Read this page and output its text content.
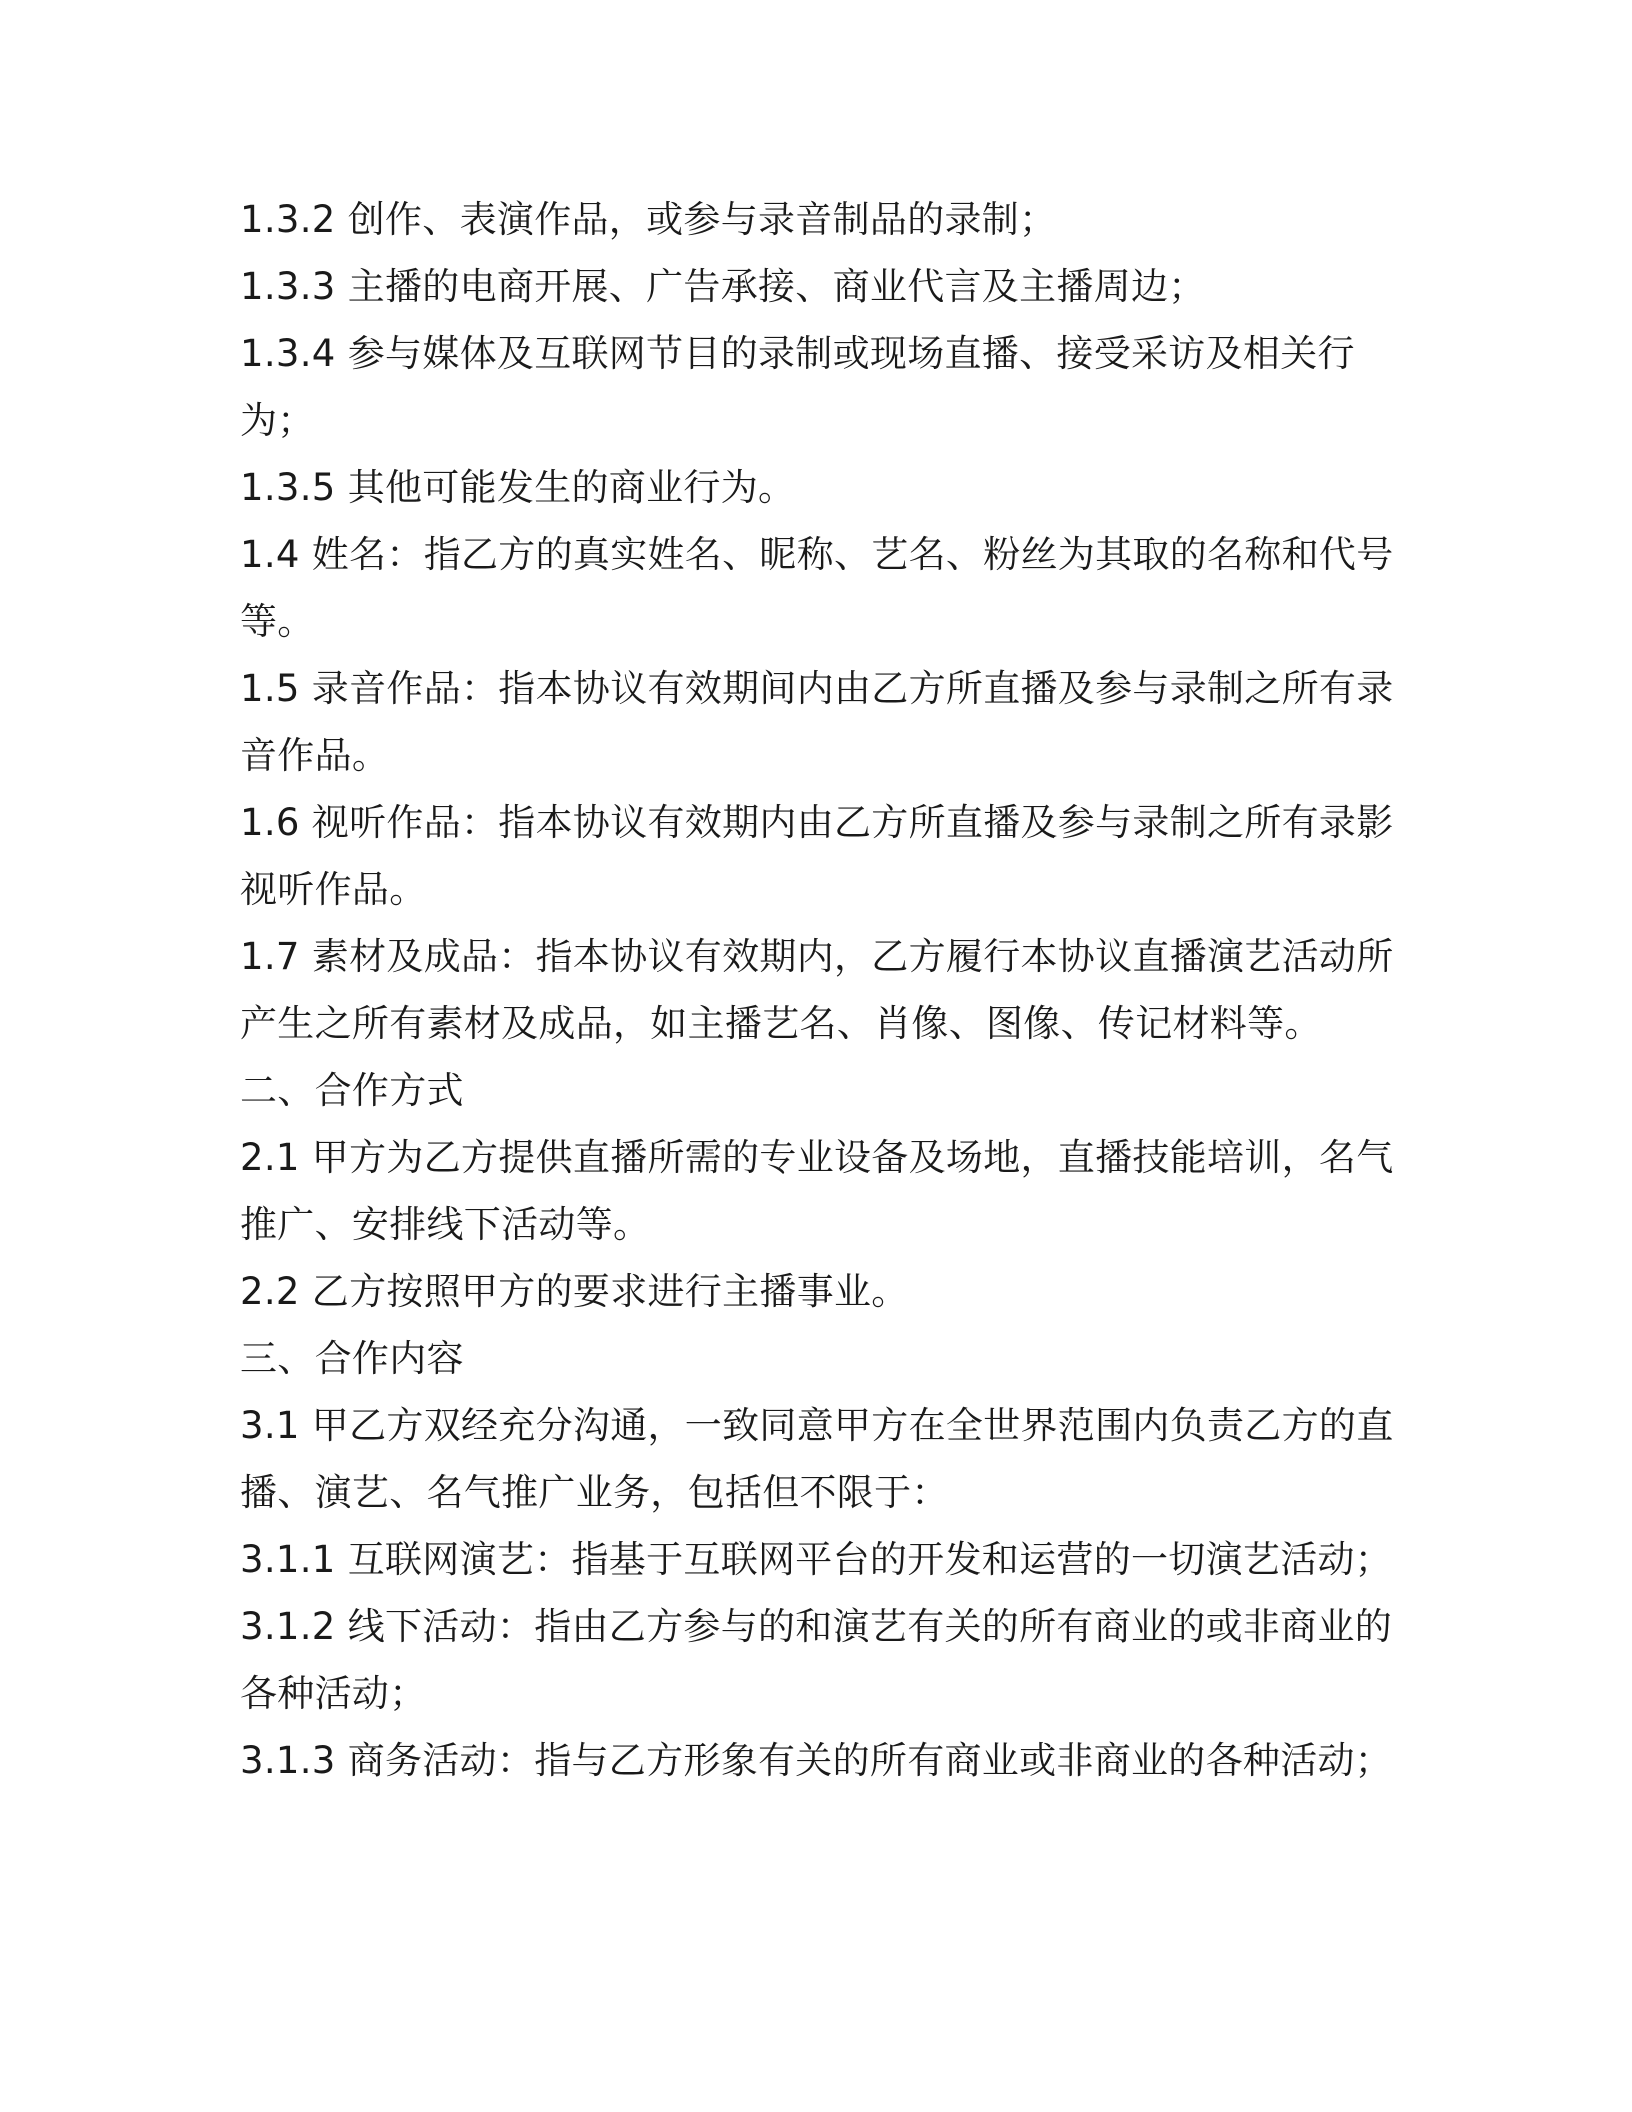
1.3.2 创作、表演作品，或参与录音制品的录制；
1.3.3 主播的电商开展、广告承接、商业代言及主播周边；
1.3.4 参与媒体及互联网节目的录制或现场直播、接受采访及相关行
为；
1.3.5 其他可能发生的商业行为。
1.4 姓名：指乙方的真实姓名、昵称、艺名、粉丝为其取的名称和代号
等。
1.5 录音作品：指本协议有效期间内由乙方所直播及参与录制之所有录
音作品。
1.6 视听作品：指本协议有效期内由乙方所直播及参与录制之所有录影
视听作品。
1.7 素材及成品：指本协议有效期内，乙方履行本协议直播演艺活动所
产生之所有素材及成品，如主播艺名、肖像、图像、传记材料等。
二、合作方式
2.1 甲方为乙方提供直播所需的专业设备及场地，直播技能培训，名气
推广、安排线下活动等。
2.2 乙方按照甲方的要求进行主播事业。
三、合作内容
3.1 甲乙方双经充分沟通，一致同意甲方在全世界范围内负责乙方的直
播、演艺、名气推广业务，包括但不限于：
3.1.1 互联网演艺：指基于互联网平台的开发和运营的一切演艺活动；
3.1.2 线下活动：指由乙方参与的和演艺有关的所有商业的或非商业的
各种活动；
3.1.3 商务活动：指与乙方形象有关的所有商业或非商业的各种活动；
